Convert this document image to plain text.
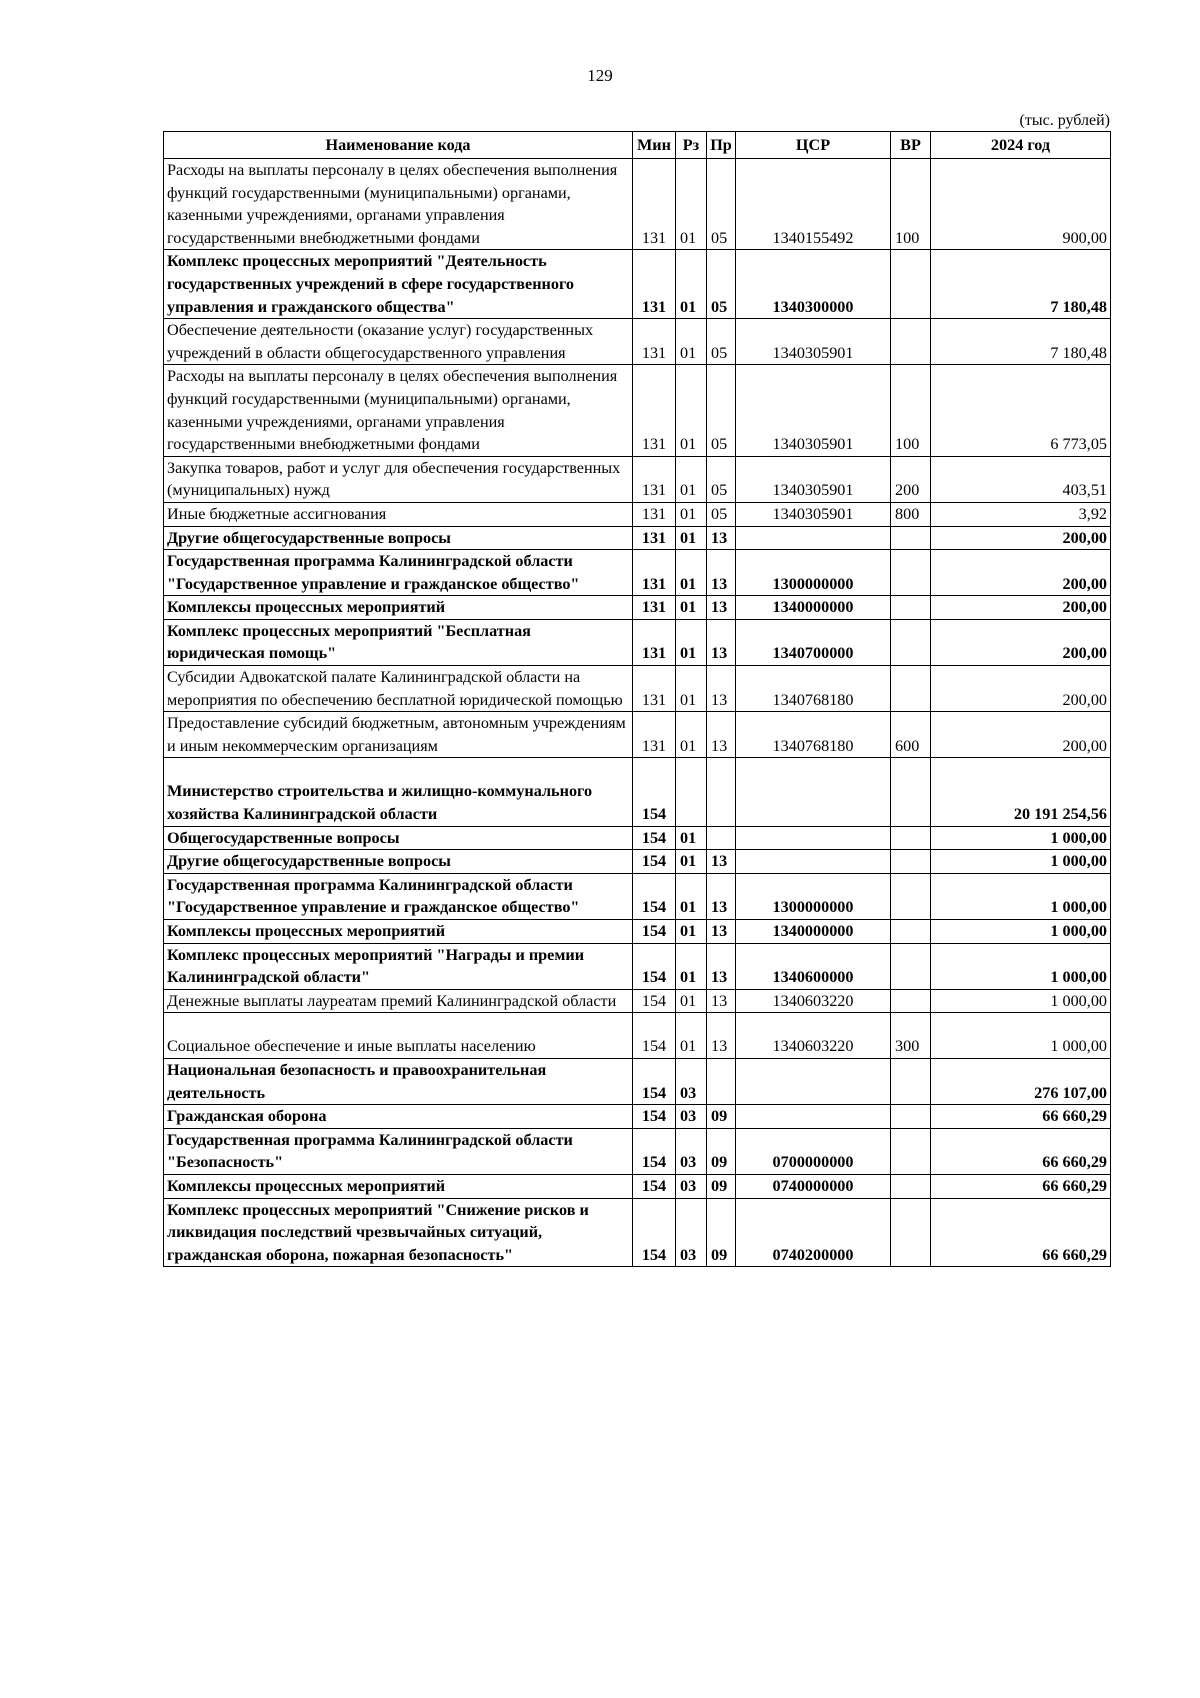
129
(тыс. рублей)
Наименование кода	Мин	Рз	Пр	ЦСР	ВР	2024 год
Расходы на выплаты персоналу в целях обеспечения выполнения функций государственными (муниципальными) органами, казенными учреждениями, органами управления государственными внебюджетными фондами	131	01	05	1340155492	100	900,00
Комплекс процессных мероприятий "Деятельность государственных учреждений в сфере государственного управления и гражданского общества"	131	01	05	1340300000		7 180,48
Обеспечение деятельности (оказание услуг) государственных учреждений в области общегосударственного управления	131	01	05	1340305901		7 180,48
Расходы на выплаты персоналу в целях обеспечения выполнения функций государственными (муниципальными) органами, казенными учреждениями, органами управления государственными внебюджетными фондами	131	01	05	1340305901	100	6 773,05
Закупка товаров, работ и услуг для обеспечения государственных (муниципальных) нужд	131	01	05	1340305901	200	403,51
Иные бюджетные ассигнования	131	01	05	1340305901	800	3,92
Другие общегосударственные вопросы	131	01	13			200,00
Государственная программа Калининградской области "Государственное управление и гражданское общество"	131	01	13	1300000000		200,00
Комплексы процессных мероприятий	131	01	13	1340000000		200,00
Комплекс процессных мероприятий "Бесплатная юридическая помощь"	131	01	13	1340700000		200,00
Субсидии Адвокатской палате Калининградской области на мероприятия по обеспечению бесплатной юридической помощью	131	01	13	1340768180		200,00
Предоставление субсидий бюджетным, автономным учреждениям и иным некоммерческим организациям	131	01	13	1340768180	600	200,00
Министерство строительства и жилищно-коммунального хозяйства Калининградской области	154					20 191 254,56
Общегосударственные вопросы	154	01				1 000,00
Другие общегосударственные вопросы	154	01	13			1 000,00
Государственная программа Калининградской области "Государственное управление и гражданское общество"	154	01	13	1300000000		1 000,00
Комплексы процессных мероприятий	154	01	13	1340000000		1 000,00
Комплекс процессных мероприятий "Награды и премии Калининградской области"	154	01	13	1340600000		1 000,00
Денежные выплаты лауреатам премий Калининградской области	154	01	13	1340603220		1 000,00
Социальное обеспечение и иные выплаты населению	154	01	13	1340603220	300	1 000,00
Национальная безопасность и правоохранительная деятельность	154	03				276 107,00
Гражданская оборона	154	03	09			66 660,29
Государственная программа Калининградской области "Безопасность"	154	03	09	0700000000		66 660,29
Комплексы процессных мероприятий	154	03	09	0740000000		66 660,29
Комплекс процессных мероприятий "Снижение рисков и ликвидация последствий чрезвычайных ситуаций, гражданская оборона, пожарная безопасность"	154	03	09	0740200000		66 660,29
